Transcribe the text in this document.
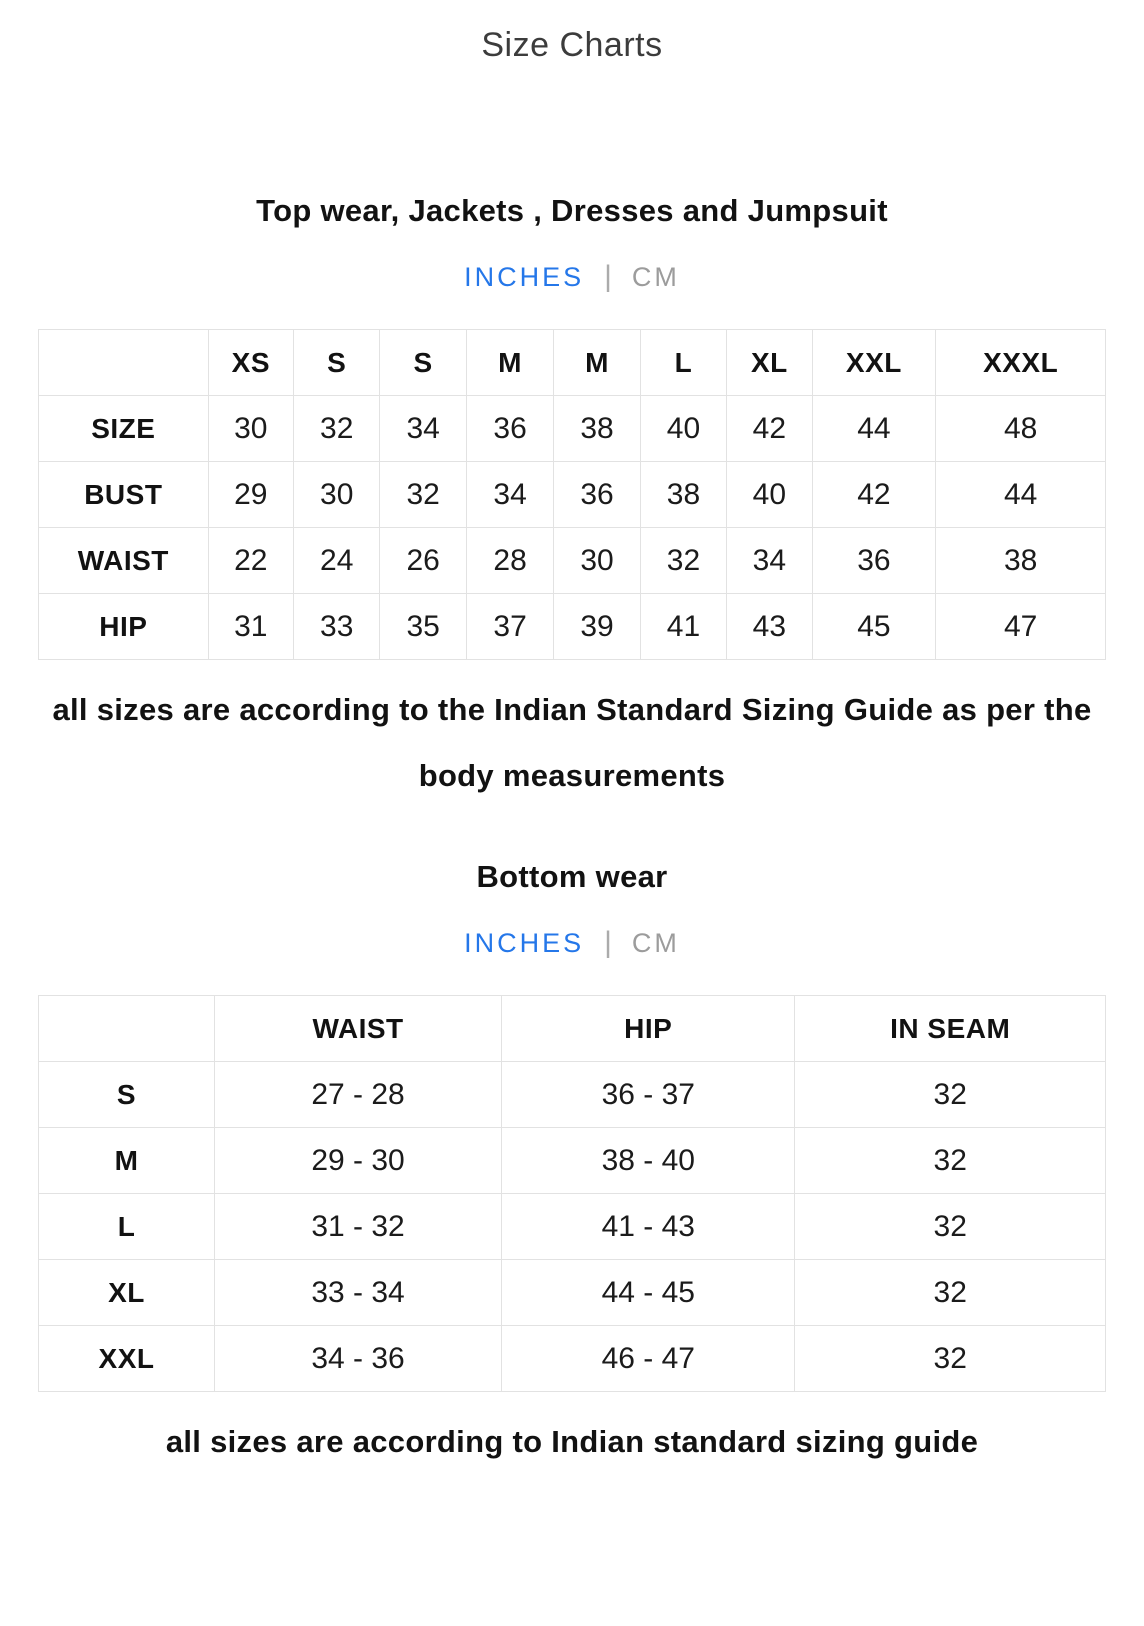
Size Charts
Top wear, Jackets , Dresses and Jumpsuit
INCHES | CM
	XS	S	S	M	M	L	XL	XXL	XXXL
SIZE	30	32	34	36	38	40	42	44	48
BUST	29	30	32	34	36	38	40	42	44
WAIST	22	24	26	28	30	32	34	36	38
HIP	31	33	35	37	39	41	43	45	47

all sizes are according to the Indian Standard Sizing Guide as per the body measurements

Bottom wear
INCHES | CM
	WAIST	HIP	IN SEAM
S	27 - 28	36 - 37	32
M	29 - 30	38 - 40	32
L	31 - 32	41 - 43	32
XL	33 - 34	44 - 45	32
XXL	34 - 36	46 - 47	32

all sizes are according to Indian standard sizing guide
